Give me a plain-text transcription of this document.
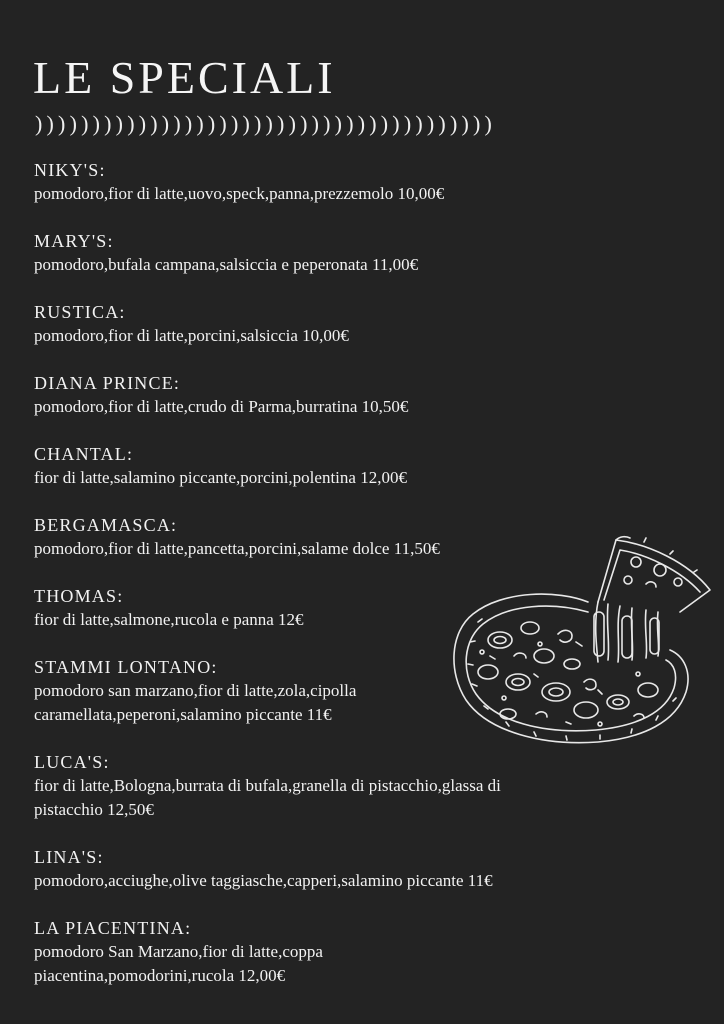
LE SPECIALI
))))))))))))))))))))))))))))))))))))))))
NIKY'S:
pomodoro,fior di latte,uovo,speck,panna,prezzemolo 10,00€
MARY'S:
pomodoro,bufala campana,salsiccia e peperonata 11,00€
RUSTICA:
pomodoro,fior di latte,porcini,salsiccia 10,00€
DIANA PRINCE:
pomodoro,fior di latte,crudo di Parma,burratina 10,50€
CHANTAL:
fior di latte,salamino piccante,porcini,polentina 12,00€
BERGAMASCA:
pomodoro,fior di latte,pancetta,porcini,salame dolce 11,50€
THOMAS:
fior di latte,salmone,rucola e panna 12€
STAMMI LONTANO:
pomodoro san marzano,fior di latte,zola,cipolla
caramellata,peperoni,salamino piccante 11€
LUCA'S:
fior di latte,Bologna,burrata di bufala,granella di pistacchio,glassa di
pistacchio 12,50€
LINA'S:
pomodoro,acciughe,olive taggiasche,capperi,salamino piccante 11€
LA PIACENTINA:
pomodoro San Marzano,fior di latte,coppa
piacentina,pomodorini,rucola 12,00€
